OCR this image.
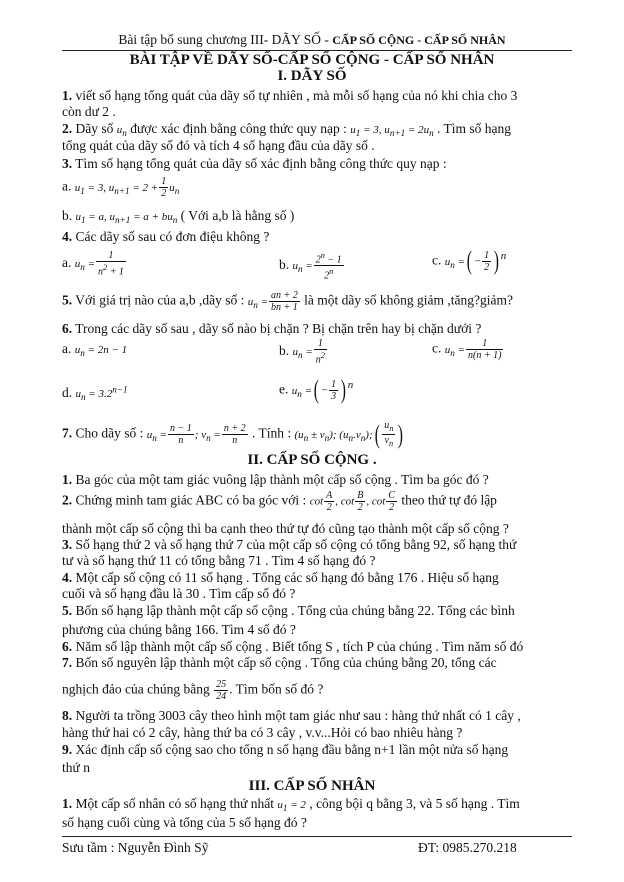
Bài tập bổ sung chương III- DÃY SỐ - CẤP SỐ CỘNG - CẤP SỐ NHÂN
BÀI TẬP VỀ DÃY SỐ-CẤP SỐ CỘNG - CẤP SỐ NHÂN
I. DÃY SỐ
1. viết số hạng tổng quát của dãy số tự nhiên , mà mỗi số hạng của nó khi chia cho 3
còn dư 2 .
2. Dãy số $u_n$ được xác định bằng công thức quy nạp : $u_1 = 3$, $u_{n+1} = 2u_n$ . Tìm số hạng
tổng quát của dãy số đó và tích 4 số hạng đầu của dãy số .
3. Tìm số hạng tổng quát của dãy số xác định bằng công thức quy nạp :
a. $u_1 = 3$, $u_{n+1} = 2 + \frac{1}{2} u_n$
b. $u_1 = a$, $u_{n+1} = a + bu_n$ ( Với a,b là hằng số )
4. Các dãy số sau có đơn điệu không ?
a. $u_n = \frac{1}{n^2 + 1}$	b. $u_n = \frac{2^n - 1}{2^n}$	c. $u_n$ =( − $\frac{1}{2}$ ) $^n$
5. Với giá trị nào của a,b ,dãy số : $u_n = \frac{an + 2}{bn + 1}$ là một dãy số không giảm ,tăng?giảm?
6. Trong các dãy số sau , dãy số nào bị chặn ? Bị chặn trên hay bị chặn dưới ?
a. $u_n = 2n - 1$	b. $u_n = \frac{1}{n^2}$	c. $u_n = \frac{1}{n(n + 1)}$
d. $u_n = 3.2^{n-1}$	e. $u_n$ =( − $\frac{1}{3}$ ) $^n$
7. Cho dãy số : $u_n = \frac{n - 1}{n}$ ; $v_n = \frac{n + 2}{n}$ . Tính : $(u_n \pm v_n)$; $(u_n.v_n);( \frac{u_n}{v_n}$ )
II. CẤP SỐ CỘNG .
1. Ba góc của một tam giác vuông lập thành một cấp số cộng . Tìm ba góc đó ?
2. Chứng minh tam giác ABC có ba góc với : $\cot \frac{A}{2}$ , $\cot \frac{B}{2}$ , $\cot \frac{C}{2}$ theo thứ tự đó lập
thành một cấp số cộng thì ba cạnh theo thứ tự đó cũng tạo thành một cấp số cộng ?
3. Số hạng thứ 2 và số hạng thứ 7 của một cấp số cộng có tổng bằng 92, số hạng thứ
tư và số hạng thứ 11 có tổng bằng 71 . Tìm 4 số hạng đó ?
4. Một cấp số cộng có 11 số hạng . Tổng các số hạng đó bằng 176 . Hiệu số hạng
cuối và số hạng đầu là 30 . Tìm cấp số đó ?
5. Bốn số hạng lập thành một cấp số cộng . Tổng của chúng bằng 22. Tổng các bình
phương của chúng bằng 166. Tìm 4 số đó ?
6. Năm số lập thành một cấp số cộng . Biết tổng S , tích P của chúng . Tìm năm số đó
7. Bốn số nguyên lập thành một cấp số cộng . Tổng của chúng bằng 20, tổng các
nghịch đảo của chúng bằng $\frac{25}{24}$ . Tìm bốn số đó ?
8. Người ta trồng 3003 cây theo hình một tam giác như sau : hàng thứ nhất có 1 cây ,
hàng thứ hai có 2 cây, hàng thứ ba có 3 cây , v.v...Hỏi có bao nhiêu hàng ?
9. Xác định cấp số cộng sao cho tổng n số hạng đầu bằng n+1 lần một nửa số hạng
thứ n
III. CẤP SỐ NHÂN
1. Một cấp số nhân có số hạng thứ nhất $u_1 = 2$ , công bội q bằng 3, và 5 số hạng . Tìm
số hạng cuối cùng và tổng của 5 số hạng đó ?
Sưu tầm : Nguyễn Đình Sỹ	ĐT: 0985.270.218
